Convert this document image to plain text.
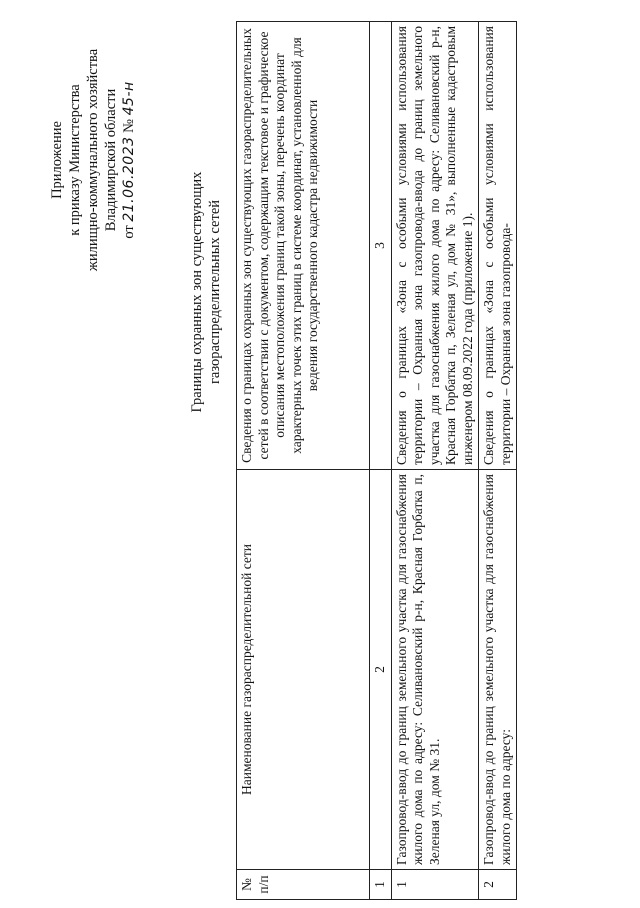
Приложение к приказу Министерства жилищно-коммунального хозяйства Владимирской области
от 21.06.2023 № 45-н
Границы охранных зон существующих газораспределительных сетей
№ п/п	Наименование газораспределительной сети	Сведения о границах охранных зон существующих газораспределительных сетей в соответствии с документом, содержащим текстовое и графическое описания местоположения границ такой зоны, перечень координат характерных точек этих границ в системе координат, установленной для ведения государственного кадастра недвижимости
1	2	3
1	Газопровод-ввод до границ земельного участка для газоснабжения жилого дома по адресу: Селивановский р-н, Красная Горбатка п, Зеленая ул, дом № 31.	Сведения о границах «Зона с особыми условиями использования территории – Охранная зона газопровода-ввода до границ земельного участка для газоснабжения жилого дома по адресу: Селивановский р-н, Красная Горбатка п, Зеленая ул, дом № 31», выполненные кадастровым инженером 08.09.2022 года (приложение 1).
2	Газопровод-ввод до границ земельного участка для газоснабжения жилого дома по адресу:	Сведения о границах «Зона с особыми условиями использования территории – Охранная зона газопровода-
